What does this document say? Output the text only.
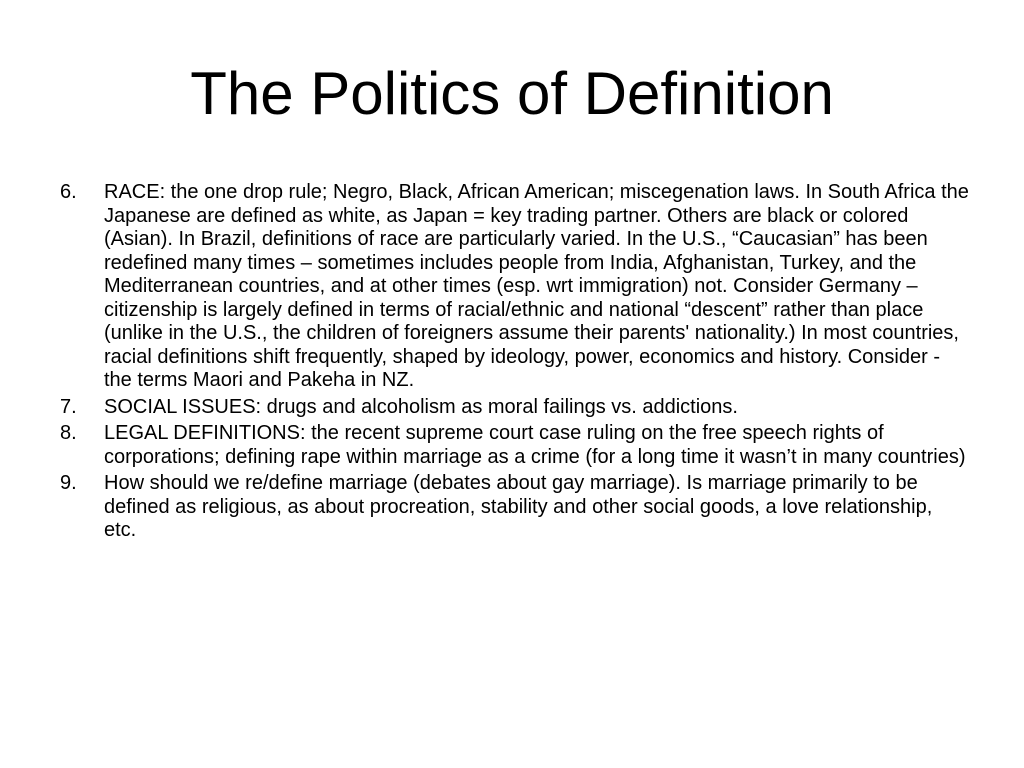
The Politics of Definition
6.	RACE: the one drop rule; Negro, Black, African American; miscegenation laws. In South Africa the Japanese are defined as white, as Japan = key trading partner. Others are black or colored (Asian). In Brazil, definitions of race are particularly varied. In the U.S., “Caucasian” has been redefined many times – sometimes includes people from India, Afghanistan, Turkey, and the Mediterranean countries, and at other times (esp. wrt immigration) not. Consider Germany – citizenship is largely defined in terms of racial/ethnic and national “descent” rather than place (unlike in the U.S., the children of foreigners assume their parents' nationality.) In most countries, racial definitions shift frequently, shaped by ideology, power, economics and history. Consider - the terms Maori and Pakeha in NZ.
7.	SOCIAL ISSUES: drugs and alcoholism as moral failings vs. addictions.
8.	LEGAL DEFINITIONS: the recent supreme court case ruling on the free speech rights of corporations; defining rape within marriage as a crime (for a long time it wasn’t in many countries)
9.	How should we re/define marriage (debates about gay marriage). Is marriage primarily to be defined as religious, as about procreation, stability and other social goods, a love relationship, etc.
